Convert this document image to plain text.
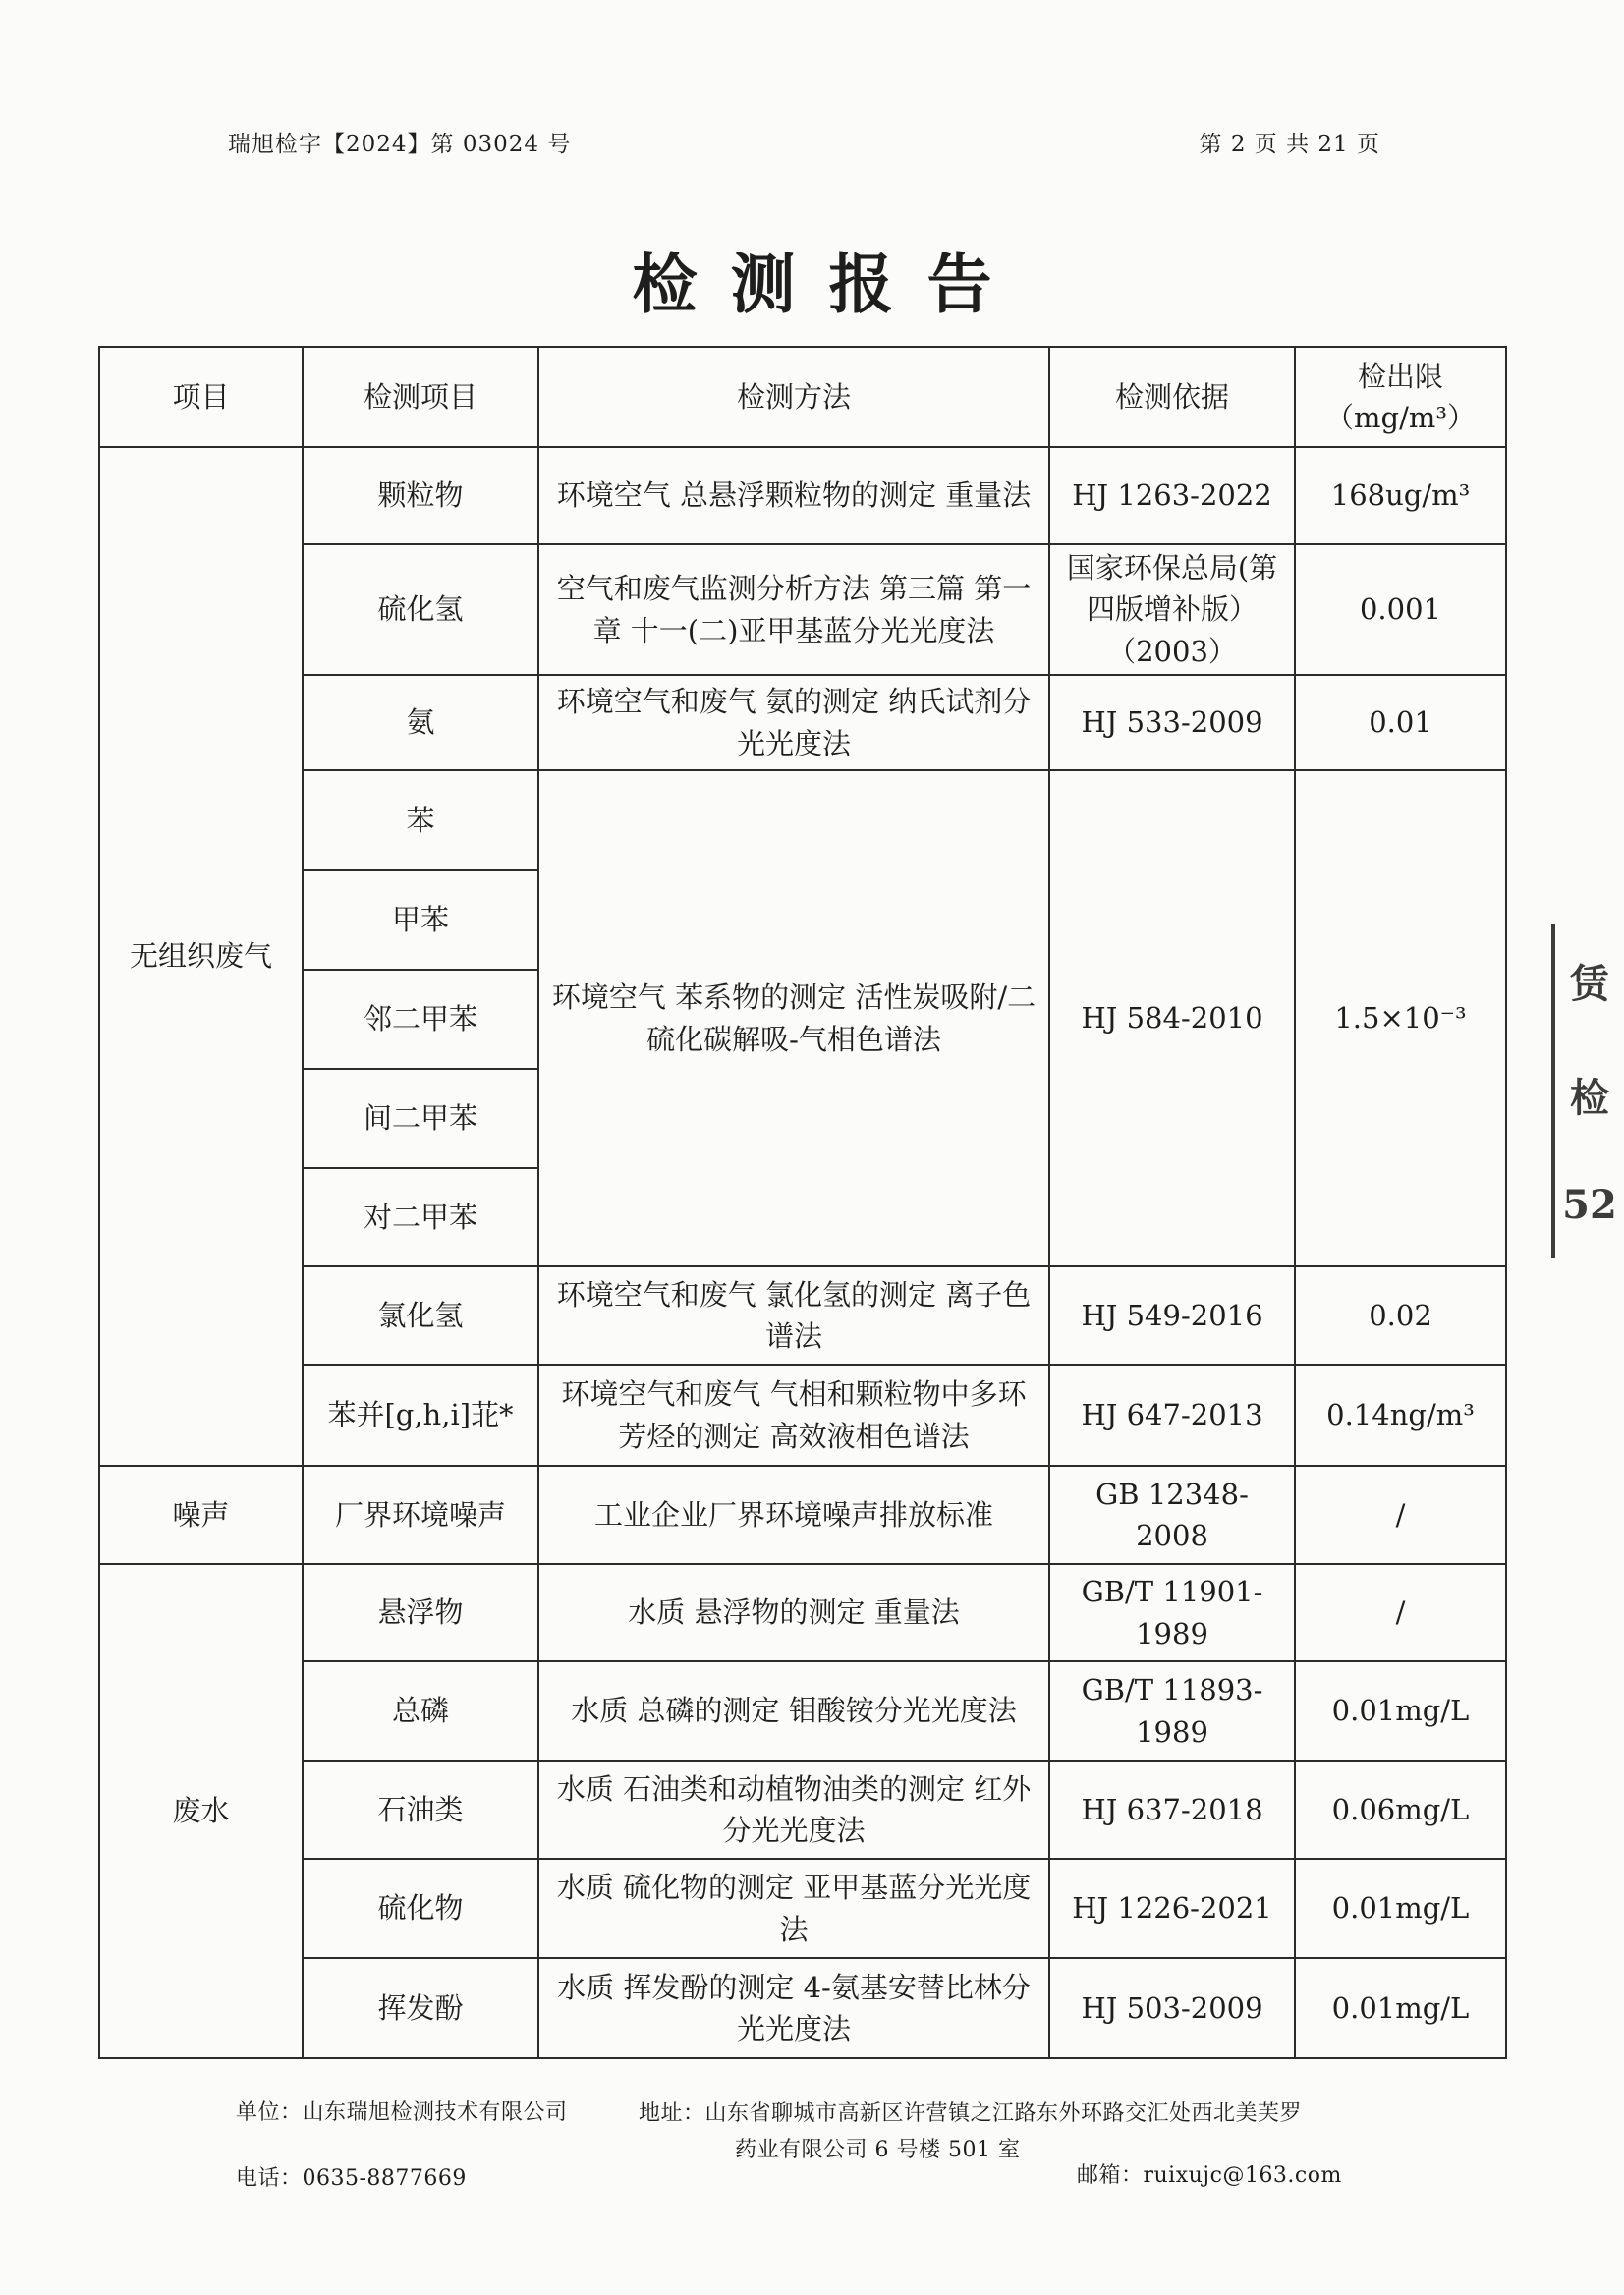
瑞旭检字【2024】第 03024 号	第 2 页 共 21 页
检测报告
项目	检测项目	检测方法	检测依据	检出限
（mg/m³）

无组织废气	颗粒物	环境空气 总悬浮颗粒物的测定 重量法	HJ 1263-2022	168ug/m³
	硫化氢	空气和废气监测分析方法 第三篇 第一章 十一(二)亚甲基蓝分光光度法	国家环保总局(第四版增补版）（2003）	0.001
	氨	环境空气和废气 氨的测定 纳氏试剂分光光度法	HJ 533-2009	0.01
	苯	环境空气 苯系物的测定 活性炭吸附/二硫化碳解吸-气相色谱法	HJ 584-2010	1.5×10⁻³
	甲苯			
	邻二甲苯			
	间二甲苯			
	对二甲苯			
	氯化氢	环境空气和废气 氯化氢的测定 离子色谱法	HJ 549-2016	0.02
	苯并[g,h,i]苝*	环境空气和废气 气相和颗粒物中多环芳烃的测定 高效液相色谱法	HJ 647-2013	0.14ng/m³
噪声	厂界环境噪声	工业企业厂界环境噪声排放标准	GB 12348-2008	/
废水	悬浮物	水质 悬浮物的测定 重量法	GB/T 11901-1989	/
	总磷	水质 总磷的测定 钼酸铵分光光度法	GB/T 11893-1989	0.01mg/L
	石油类	水质 石油类和动植物油类的测定 红外分光光度法	HJ 637-2018	0.06mg/L
	硫化物	水质 硫化物的测定 亚甲基蓝分光光度法	HJ 1226-2021	0.01mg/L
	挥发酚	水质 挥发酚的测定 4-氨基安替比林分光光度法	HJ 503-2009	0.01mg/L
单位：山东瑞旭检测技术有限公司	地址：山东省聊城市高新区许营镇之江路东外环路交汇处西北美芙罗
药业有限公司 6 号楼 501 室
电话：0635-8877669	邮箱：ruixujc@163.com
赁
检
52
